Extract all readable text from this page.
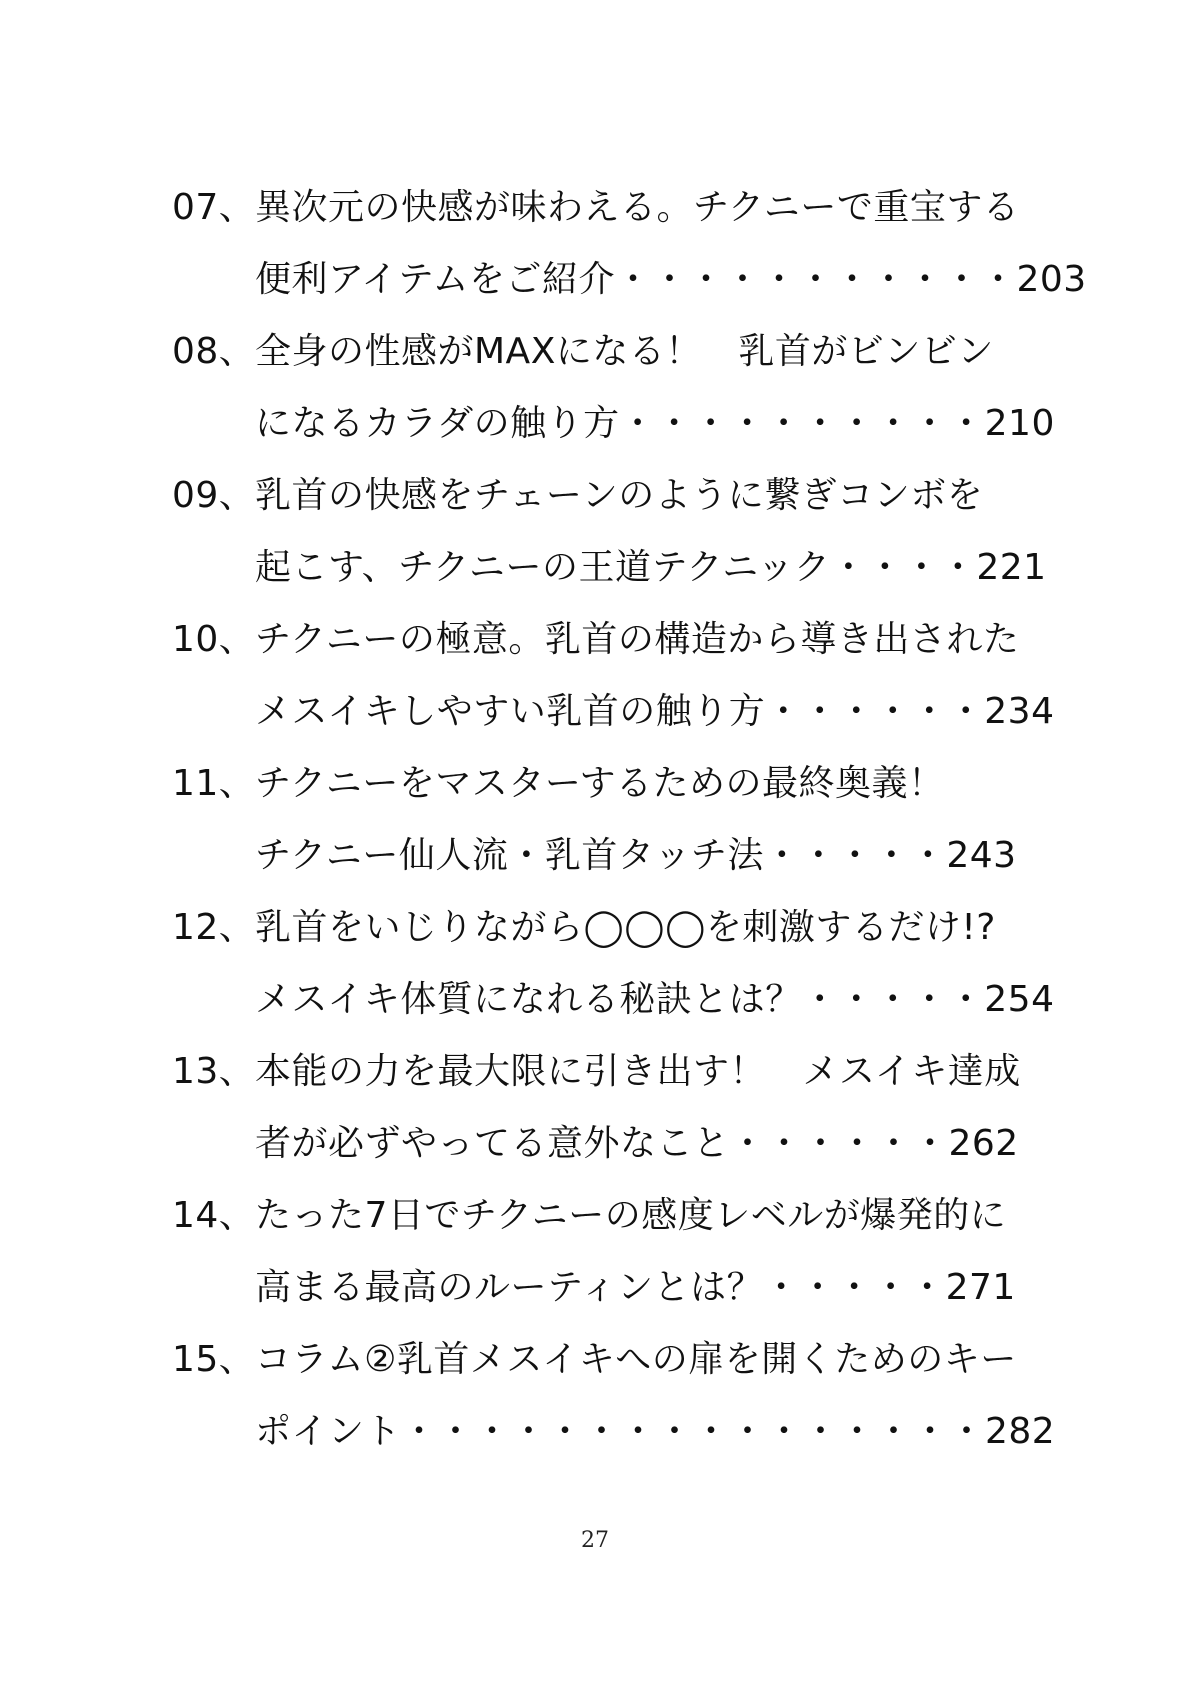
07、 異次元の快感が味わえる。チクニーで重宝する
便利アイテムをご紹介・・・・・・・・・・・203
08、 全身の性感がMAXになる！　乳首がビンビン
になるカラダの触り方・・・・・・・・・・210
09、 乳首の快感をチェーンのように繋ぎコンボを
起こす、チクニーの王道テクニック・・・・221
10、 チクニーの極意。乳首の構造から導き出された
メスイキしやすい乳首の触り方・・・・・・234
11、 チクニーをマスターするための最終奥義！
チクニー仙人流・乳首タッチ法・・・・・243
12、 乳首をいじりながら◯◯◯を刺激するだけ!?
メスイキ体質になれる秘訣とは？・・・・・254
13、 本能の力を最大限に引き出す！　メスイキ達成
者が必ずやってる意外なこと・・・・・・262
14、 たった7日でチクニーの感度レベルが爆発的に
高まる最高のルーティンとは？・・・・・271
15、 コラム②乳首メスイキへの扉を開くためのキー
ポイント・・・・・・・・・・・・・・・・282
27
